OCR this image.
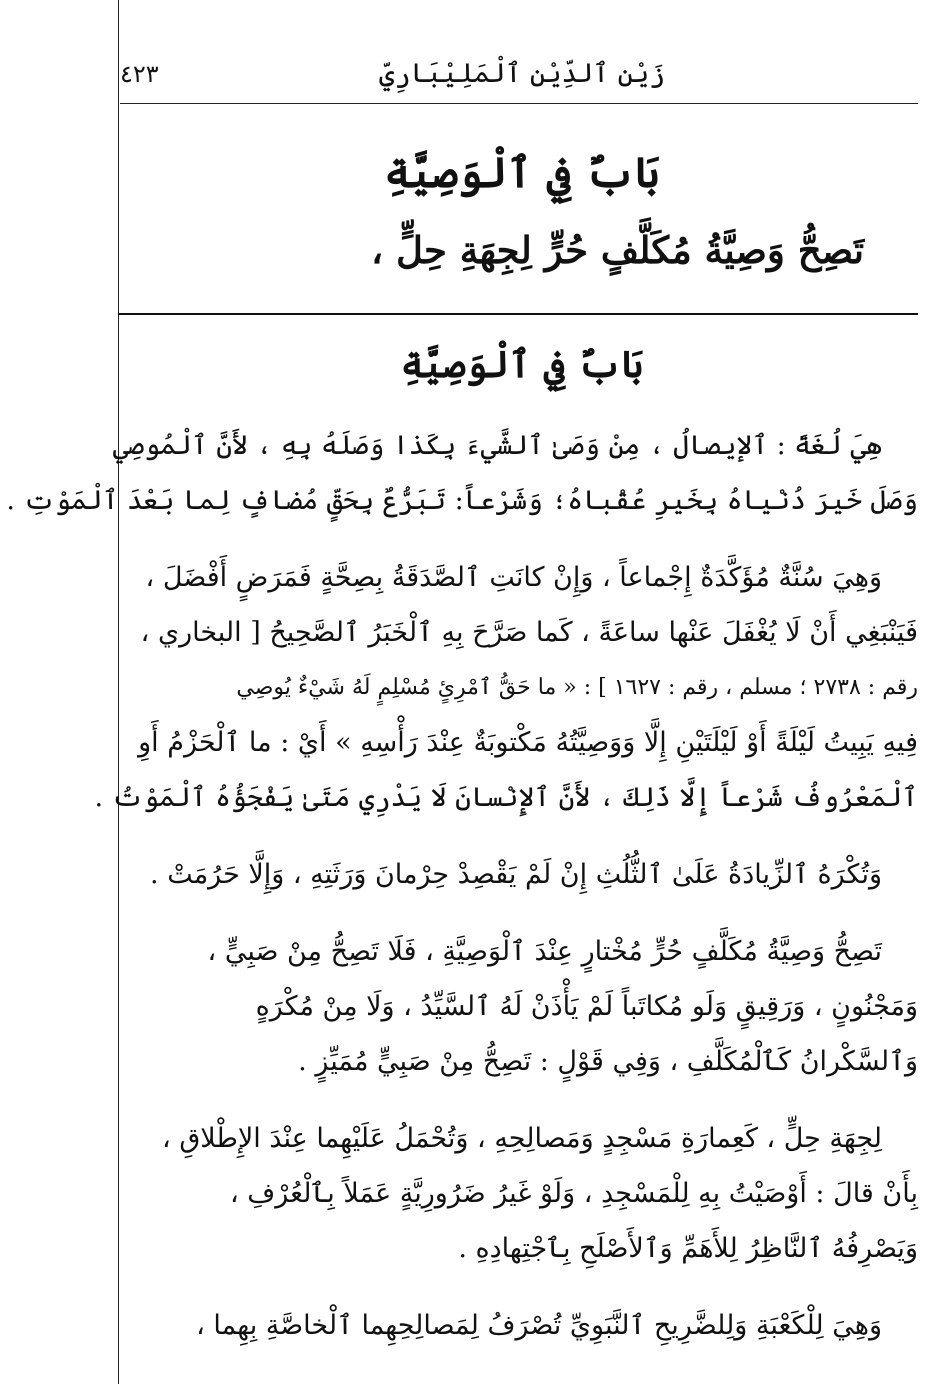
٤٢٣	زَيْن ٱلدِّيْن ٱلْمَلِيْبَارِيِّ
بَابٌ فِي ٱلْوَصِيَّةِ
تَصِحُّ وَصِيَّةُ مُكَلَّفٍ حُرٍّ لِجِهَةِ حِلٍّ ،
بَابٌ فِي ٱلْوَصِيَّةِ
هِيَ لُغَةً : ٱلإيصالُ ، مِنْ وَصَىٰ ٱلشَّيءَ بِكَذا وَصَلَهُ بِهِ ، لأَنَّ ٱلْمُوصِي
وَصَلَ خَيرَ دُنْياهُ بِخَيرِ عُقْباهُ؛ وَشَرْعاً: تَبَرُّعٌ بِحَقٍّ مُضافٍ لِما بَعْدَ ٱلْمَوْتِ .
وَهِيَ سُنَّةٌ مُؤَكَّدَةٌ إِجْماعاً ، وَإِنْ كانَتِ ٱلصَّدَقَةُ بِصِحَّةٍ فَمَرَضٍ أَفْضَلَ ،
فَيَنْبَغِي أَنْ لَا يُغْفَلَ عَنْها ساعَةً ، كَما صَرَّحَ بِهِ ٱلْخَبَرُ ٱلصَّحِيحُ [ البخاري ،
رقم : ٢٧٣٨ ؛ مسلم ، رقم : ١٦٢٧ ] : « ما حَقُّ ٱمْرِئٍ مُسْلِمٍ لَهُ شَيْءٌ يُوصِي
فِيهِ يَبِيتُ لَيْلَةً أَوْ لَيْلَتَيْنِ إِلَّا وَوَصِيَّتُهُ مَكْتوبَةٌ عِنْدَ رَأْسِهِ » أَيْ : ما ٱلْحَزْمُ أَوِ
ٱلْمَعْرُوفُ شَرْعاً إِلَّا ذَلِكَ ، لأَنَّ ٱلإِنْسانَ لَا يَدْرِي مَتَىٰ يَفْجَؤُهُ ٱلْمَوْتُ .
وَتُكْرَهُ ٱلزِّيادَةُ عَلَىٰ ٱلثُّلُثِ إِنْ لَمْ يَقْصِدْ حِرْمانَ وَرَثَتِهِ ، وَإِلَّا حَرُمَتْ .
تَصِحُّ وَصِيَّةُ مُكَلَّفٍ حُرٍّ مُخْتارٍ عِنْدَ ٱلْوَصِيَّةِ ، فَلَا تَصِحُّ مِنْ صَبِيٍّ ،
وَمَجْنُونٍ ، وَرَقِيقٍ وَلَو مُكاتَباً لَمْ يَأْذَنْ لَهُ ٱلسَّيِّدُ ، وَلَا مِنْ مُكْرَهٍ
وَٱلسَّكْرانُ كَٱلْمُكَلَّفِ ، وَفِي قَوْلٍ : تَصِحُّ مِنْ صَبِيٍّ مُمَيِّزٍ .
لِجِهَةِ حِلٍّ ، كَعِمارَةِ مَسْجِدٍ وَمَصالِحِهِ ، وَتُحْمَلُ عَلَيْهِما عِنْدَ الإِطْلاقِ ،
بِأَنْ قالَ : أَوْصَيْتُ بِهِ لِلْمَسْجِدِ ، وَلَوْ غَيرُ ضَرُورِيَّةٍ عَمَلاً بِٱلْعُرْفِ ،
وَيَصْرِفُهُ ٱلنَّاظِرُ لِلأَهَمِّ وَٱلأَصْلَحِ بِٱجْتِهادِهِ .
وَهِيَ لِلْكَعْبَةِ وَلِلضَّرِيحِ ٱلنَّبَوِيِّ تُصْرَفُ لِمَصالِحِهِما ٱلْخاصَّةِ بِهِما ،
